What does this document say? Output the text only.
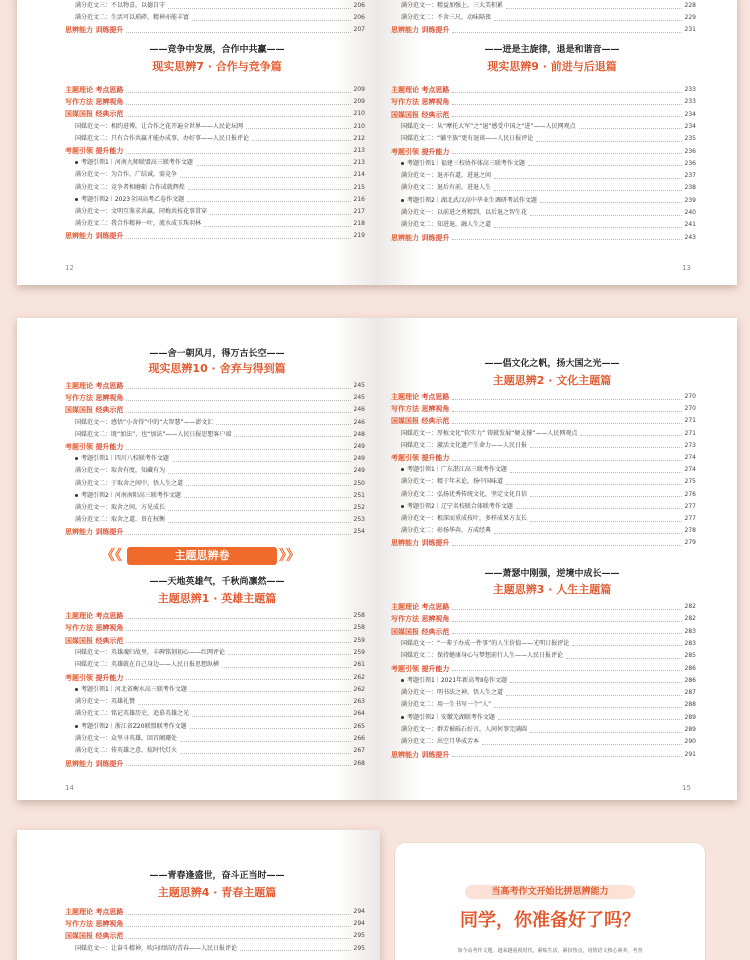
满分范文三：不以物喜，以德自守	206
满分范文二：生活可以琐碎，精神亦能丰富	206
思辨能力 训练提升	207
——竞争中发展，合作中共赢——
现实思辨7 · 合作与竞争篇
主题理论 考点思路	209
写作方法 思辨视角	209
国媒国报 经典示范	210
国媒范文一：相约进博，让合作之花开遍全世界——人民论坛网	210
国媒范文二：只有合作共赢才能办成事，办好事——人民日报评论	212
考题引领 提升能力	213
考题引领1｜河南九师联盟高三联考作文题	213
满分范文一：为合作，广结诚，需竞争	214
满分范文二：竞争者相磨砺 合作成就辉煌	215
考题引领2｜2023全国高考乙卷作文题	216
满分范文一：文明互鉴求共赢，同梅共枝花事贯穿	217
满分范文二：我合作精神一叶，流水成玉珠羽林	218
思辨能力 训练提升	219
12
满分范文一：精益加强上，三大美积累	228
满分范文二：不舍三尺，动味隔夜	229
思辨能力 训练提升	231
——进是主旋律，退是和谐音——
现实思辨9 · 前进与后退篇
主题理论 考点思路	233
写作方法 思辨视角	233
国媒国报 经典示范	234
国媒范文一：从“摩托大军”之“退”感受中国之“进”——人民网观点	234
国媒范文二：“躺平族”更有退谈——人民日报评论	235
考题引领 提升能力	236
考题引领1｜福建三校协作体高三联考作文题	236
满分范文一：退亦有道，进退之间	237
满分范文二：退后有前，进退人生	238
考题引领2｜湖北武汉高中毕业生调研考试作文题	239
满分范文一：以前进之勇精到，以后退之智生花	240
满分范文二：知进退，融人生之道	241
思辨能力 训练提升	243
13
——舍一朝风月，得万古长空——
现实思辨10 · 舍弃与得到篇
主题理论 考点思路	245
写作方法 思辨视角	245
国媒国报 经典示范	246
国媒范文一：感悟“小舍得”中的“大智慧”——澎文汇	246
国媒范文二：既“加法”，也“加法”——人民日报思想客户端	248
考题引领 提升能力	249
考题引领1｜四川八校联考作文题	249
满分范文一：取舍有度，知藏有为	249
满分范文二：于取舍之间中，悟人生之道	250
考题引领2｜河南南阳高三联考作文题	251
满分范文一：取舍之间，方见成长	252
满分范文二：取舍之道，贵在权衡	253
思辨能力 训练提升	254
主题思辨卷
《《	》》
——天地英雄气，千秋尚凛然——
主题思辨1 · 英雄主题篇
主题理论 考点思路	258
写作方法 思辨视角	258
国媒国报 经典示范	259
国媒范文一：英雄魂归故里，丰碑铭刻初心——红网评论	259
国媒范文二：英雄就在自己身边——人民日报思想纵横	261
考题引领 提升能力	262
考题引领1｜河北省衡水高三联考作文题	262
满分范文一：英雄礼赞	263
满分范文二：铭记英雄历史，追慕英雄之光	264
考题引领2｜浙江省Z20联盟联考作文题	265
满分范文一：众里寻英雄，回首阑珊处	266
满分范文二：传英雄之意，炫时代灯火	267
思辨能力 训练提升	268
14
——倡文化之帆，扬大国之光——
主题思辨2 · 文化主题篇
主题理论 考点思路	270
写作方法 思辨视角	270
国媒国报 经典示范	271
国媒范文一：厚植文化“软实力” 铸就发展“硬支撑”——人民网观点	271
国媒范文二：激活文化遗产生命力——人民日报	273
考题引领 提升能力	274
考题引领1｜广东湛江高三联考作文题	274
满分范文一：精于年末论，扬中国味道	275
满分范文二：弘扬优秀传统文化，坚定文化自信	276
考题引领2｜辽宁名校联合体联考作文题	277
满分范文一：根深而重成枝叶，多样成果方友长	277
满分范文二：彰扬华奔，方成经典	278
思辨能力 训练提升	279
——萧瑟中刚强，逆境中成长——
主题思辨3 · 人生主题篇
主题理论 考点思路	282
写作方法 思辨视角	282
国媒国报 经典示范	283
国媒范文一：“一辈子办成一件事”的人生价值——光明日报评论	283
国媒范文二：保持健康身心与梦想前行人生——人民日报评论	285
考题引领 提升能力	286
考题引领1｜2021年新高考Ⅱ卷作文题	286
满分范文一：明书法之神，悟人生之道	287
满分范文二：用一生书写一个“人”	288
考题引领2｜安徽芜湖联考作文题	289
满分范文一：群芳被砾石好言，人间何事完满圆	289
满分范文二：出空月华成芳本	290
思辨能力 训练提升	291
15
——青春逢盛世，奋斗正当时——
主题思辨4 · 青春主题篇
主题理论 考点思路	294
写作方法 思辨视角	294
国媒国报 经典示范	295
国媒范文一：让奋斗精神，吹向团结的青春——人民日报评论	295
当高考作文开始比拼思辨能力
同学，你准备好了吗？
如今高考作文题，越来越重视时代，紧贴生活，紧扣热点，用情语文核心素养，考查
